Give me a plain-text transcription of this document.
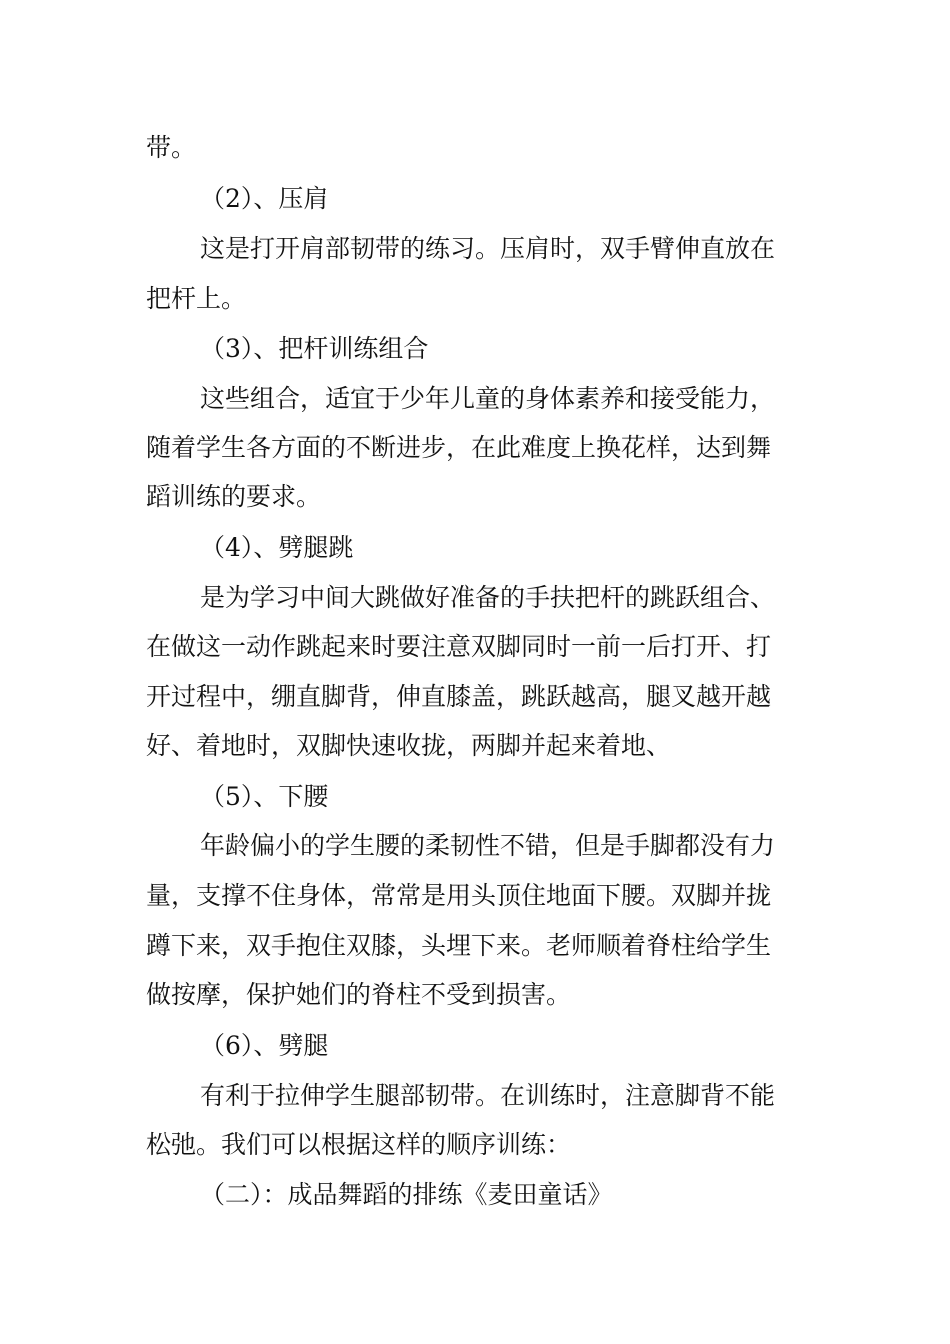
带。
（2）、压肩
这是打开肩部韧带的练习。压肩时，双手臂伸直放在
把杆上。
（3）、把杆训练组合
这些组合，适宜于少年儿童的身体素养和接受能力，
随着学生各方面的不断进步，在此难度上换花样，达到舞
蹈训练的要求。
（4）、劈腿跳
是为学习中间大跳做好准备的手扶把杆的跳跃组合、
在做这一动作跳起来时要注意双脚同时一前一后打开、打
开过程中，绷直脚背，伸直膝盖，跳跃越高，腿叉越开越
好、着地时，双脚快速收拢，两脚并起来着地、
（5）、下腰
年龄偏小的学生腰的柔韧性不错，但是手脚都没有力
量，支撑不住身体，常常是用头顶住地面下腰。双脚并拢
蹲下来，双手抱住双膝，头埋下来。老师顺着脊柱给学生
做按摩，保护她们的脊柱不受到损害。
（6）、劈腿
有利于拉伸学生腿部韧带。在训练时，注意脚背不能
松弛。我们可以根据这样的顺序训练：
（二）：成品舞蹈的排练《麦田童话》
